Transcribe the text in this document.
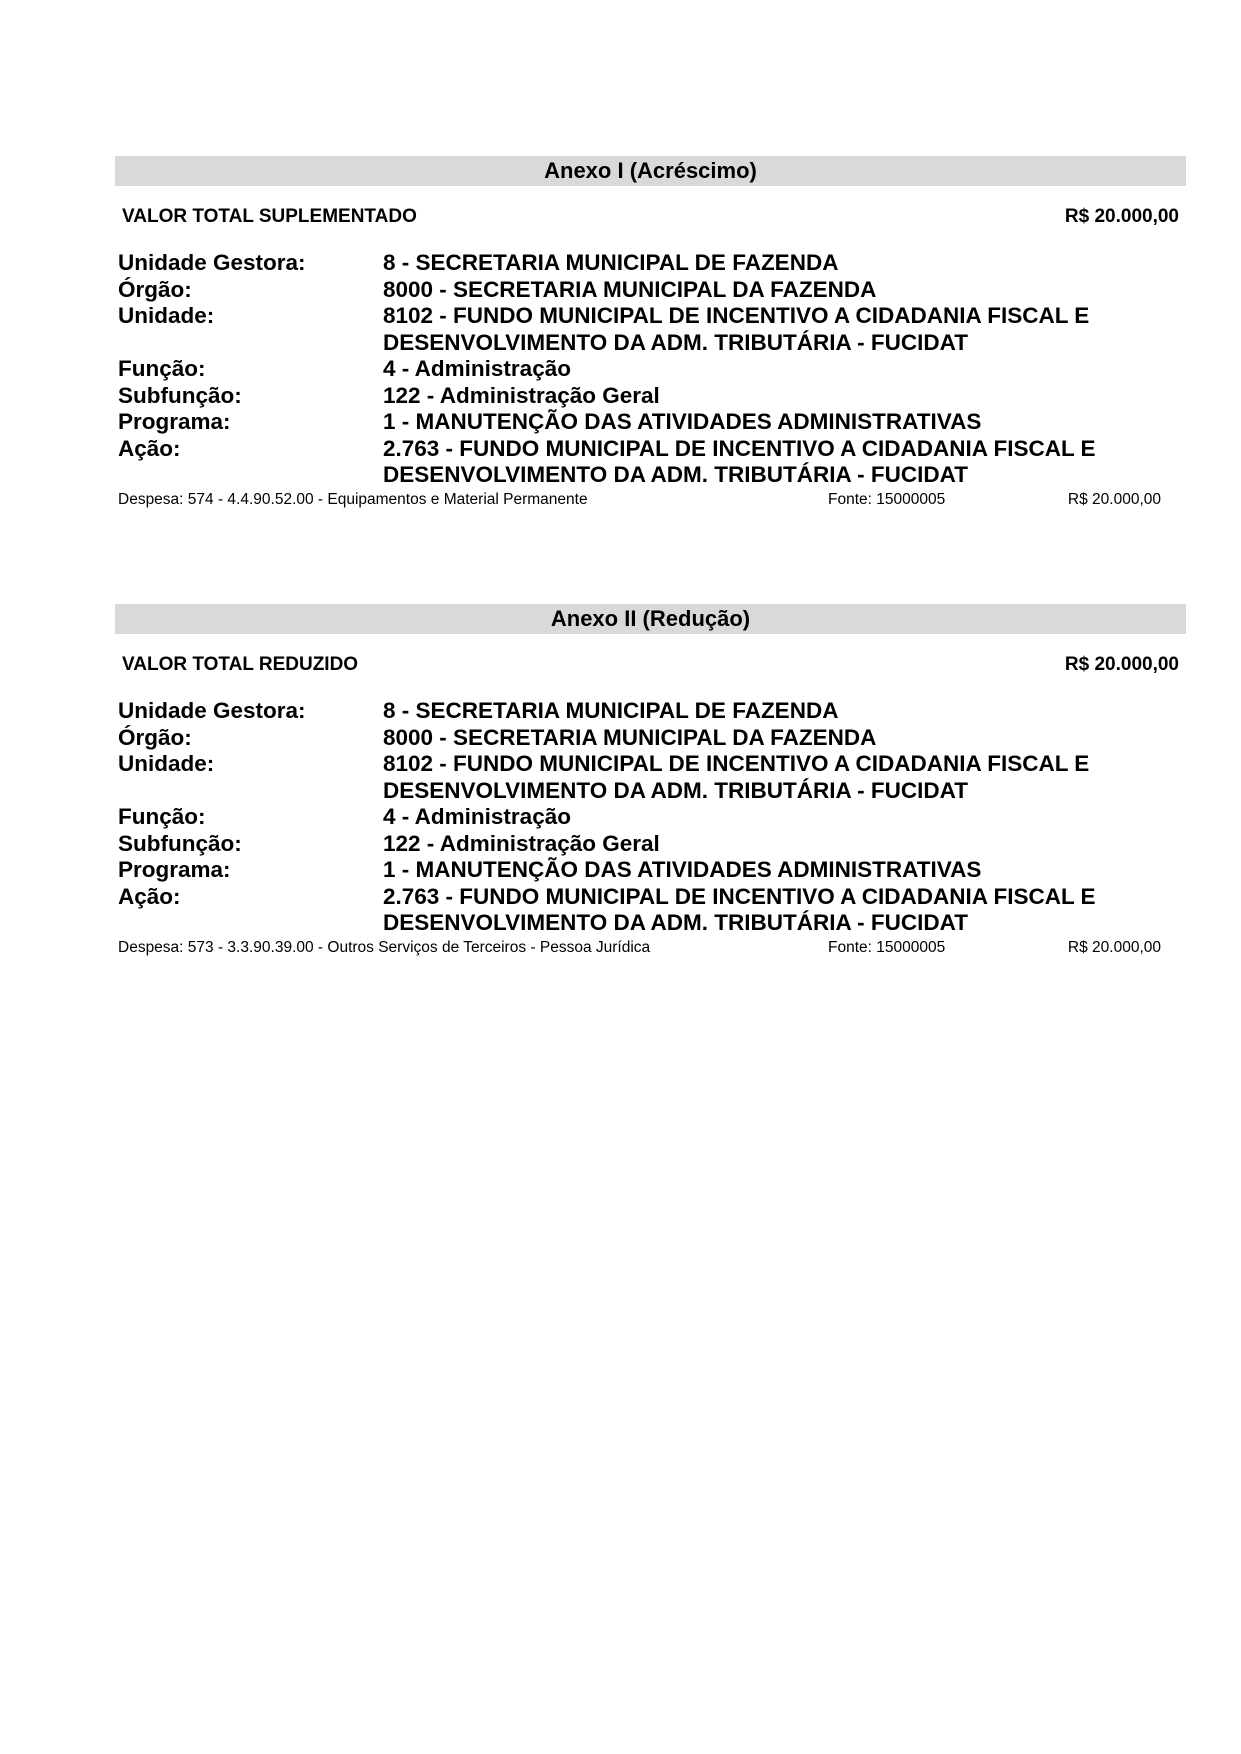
Anexo I (Acréscimo)
VALOR TOTAL SUPLEMENTADO	R$ 20.000,00
Unidade Gestora:	8 - SECRETARIA MUNICIPAL DE FAZENDA
Órgão:	8000 - SECRETARIA MUNICIPAL DA FAZENDA
Unidade:	8102 - FUNDO MUNICIPAL DE INCENTIVO A CIDADANIA FISCAL E DESENVOLVIMENTO DA ADM. TRIBUTÁRIA - FUCIDAT
Função:	4 - Administração
Subfunção:	122 - Administração Geral
Programa:	1 - MANUTENÇÃO DAS ATIVIDADES ADMINISTRATIVAS
Ação:	2.763 - FUNDO MUNICIPAL DE INCENTIVO A CIDADANIA FISCAL E DESENVOLVIMENTO DA ADM. TRIBUTÁRIA - FUCIDAT
Despesa: 574 - 4.4.90.52.00 - Equipamentos e Material Permanente	Fonte: 15000005	R$ 20.000,00
Anexo II (Redução)
VALOR TOTAL REDUZIDO	R$ 20.000,00
Unidade Gestora:	8 - SECRETARIA MUNICIPAL DE FAZENDA
Órgão:	8000 - SECRETARIA MUNICIPAL DA FAZENDA
Unidade:	8102 - FUNDO MUNICIPAL DE INCENTIVO A CIDADANIA FISCAL E DESENVOLVIMENTO DA ADM. TRIBUTÁRIA - FUCIDAT
Função:	4 - Administração
Subfunção:	122 - Administração Geral
Programa:	1 - MANUTENÇÃO DAS ATIVIDADES ADMINISTRATIVAS
Ação:	2.763 - FUNDO MUNICIPAL DE INCENTIVO A CIDADANIA FISCAL E DESENVOLVIMENTO DA ADM. TRIBUTÁRIA - FUCIDAT
Despesa: 573 - 3.3.90.39.00 - Outros Serviços de Terceiros - Pessoa Jurídica	Fonte: 15000005	R$ 20.000,00
